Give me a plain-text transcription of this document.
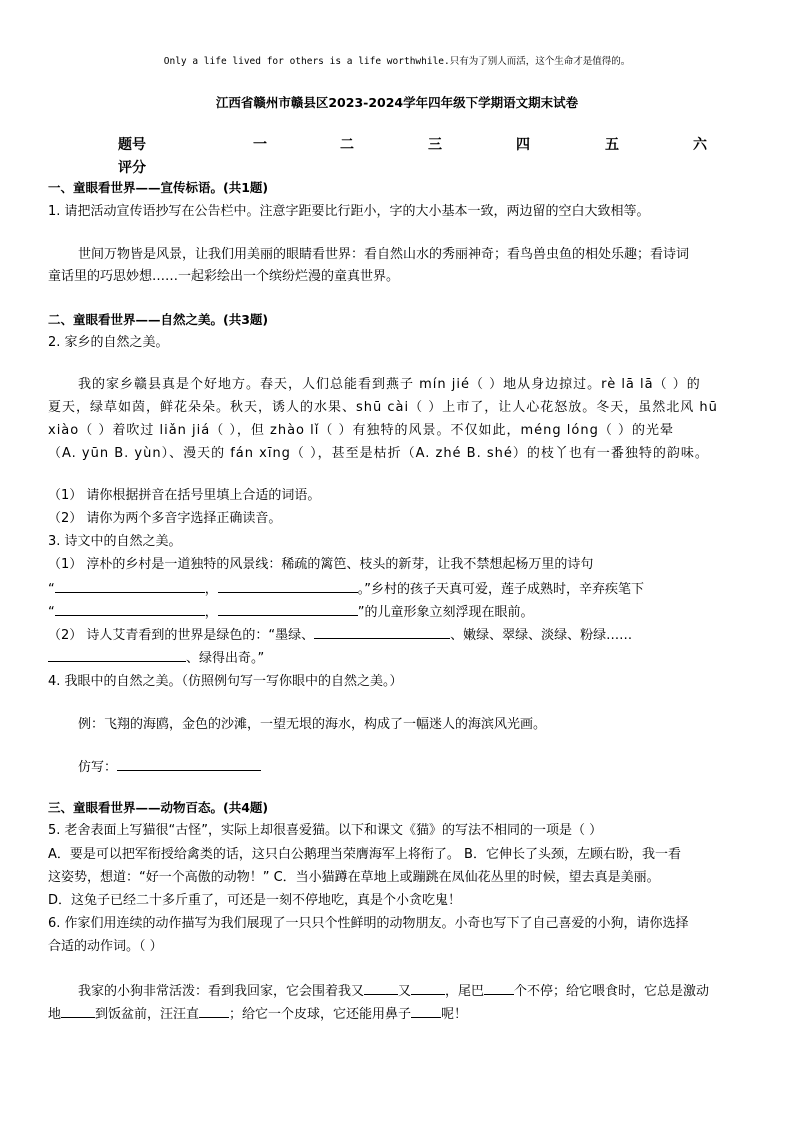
Only a life lived for others is a life worthwhile.只有为了别人而活，这个生命才是值得的。
江西省赣州市赣县区2023-2024学年四年级下学期语文期末试卷
题号	一	二	三	四	五	六
评分
一、童眼看世界——宣传标语。(共1题)
1. 请把活动宣传语抄写在公告栏中。注意字距要比行距小，字的大小基本一致，两边留的空白大致相等。
世间万物皆是风景，让我们用美丽的眼睛看世界：看自然山水的秀丽神奇；看鸟兽虫鱼的相处乐趣；看诗词
童话里的巧思妙想……一起彩绘出一个缤纷烂漫的童真世界。
二、童眼看世界——自然之美。(共3题)
2. 家乡的自然之美。
我的家乡赣县真是个好地方。春天，人们总能看到燕子 mín jié（ ）地从身边掠过。rè lā lā（ ）的
夏天，绿草如茵，鲜花朵朵。秋天，诱人的水果、shū cài（ ）上市了，让人心花怒放。冬天，虽然北风 hū
xiào（ ）着吹过 liǎn jiá（ ），但 zhào lǐ（ ）有独特的风景。不仅如此，méng lóng（ ）的光晕
（A. yūn B. yùn）、漫天的 fán xīng（ ），甚至是枯折（A. zhé B. shé）的枝丫也有一番独特的韵味。
（1） 请你根据拼音在括号里填上合适的词语。
（2） 请你为两个多音字选择正确读音。
3. 诗文中的自然之美。
（1） 淳朴的乡村是一道独特的风景线：稀疏的篱笆、枝头的新芽，让我不禁想起杨万里的诗句
“	，	。”乡村的孩子天真可爱，莲子成熟时，辛弃疾笔下
“	，	”的儿童形象立刻浮现在眼前。
（2） 诗人艾青看到的世界是绿色的：“墨绿、	、嫩绿、翠绿、淡绿、粉绿……
、绿得出奇。”
4. 我眼中的自然之美。（仿照例句写一写你眼中的自然之美。）
例：飞翔的海鸥，金色的沙滩，一望无垠的海水，构成了一幅迷人的海滨风光画。
仿写：
三、童眼看世界——动物百态。(共4题)
5. 老舍表面上写猫很“古怪”，实际上却很喜爱猫。以下和课文《猫》的写法不相同的一项是（ ）
A．要是可以把军衔授给禽类的话，这只白公鹅理当荣膺海军上将衔了。 B．它伸长了头颈，左顾右盼，我一看
这姿势，想道：“好一个高傲的动物！” C．当小猫蹲在草地上或蹦跳在凤仙花丛里的时候，望去真是美丽。
D．这兔子已经二十多斤重了，可还是一刻不停地吃，真是个小贪吃鬼！
6. 作家们用连续的动作描写为我们展现了一只只个性鲜明的动物朋友。小奇也写下了自己喜爱的小狗，请你选择
合适的动作词。（ ）
我家的小狗非常活泼：看到我回家，它会围着我又	又	，尾巴 个不停；给它喂食时，它总是激动
地	到饭盆前，汪汪直 ；给它一个皮球，它还能用鼻子 呢！
